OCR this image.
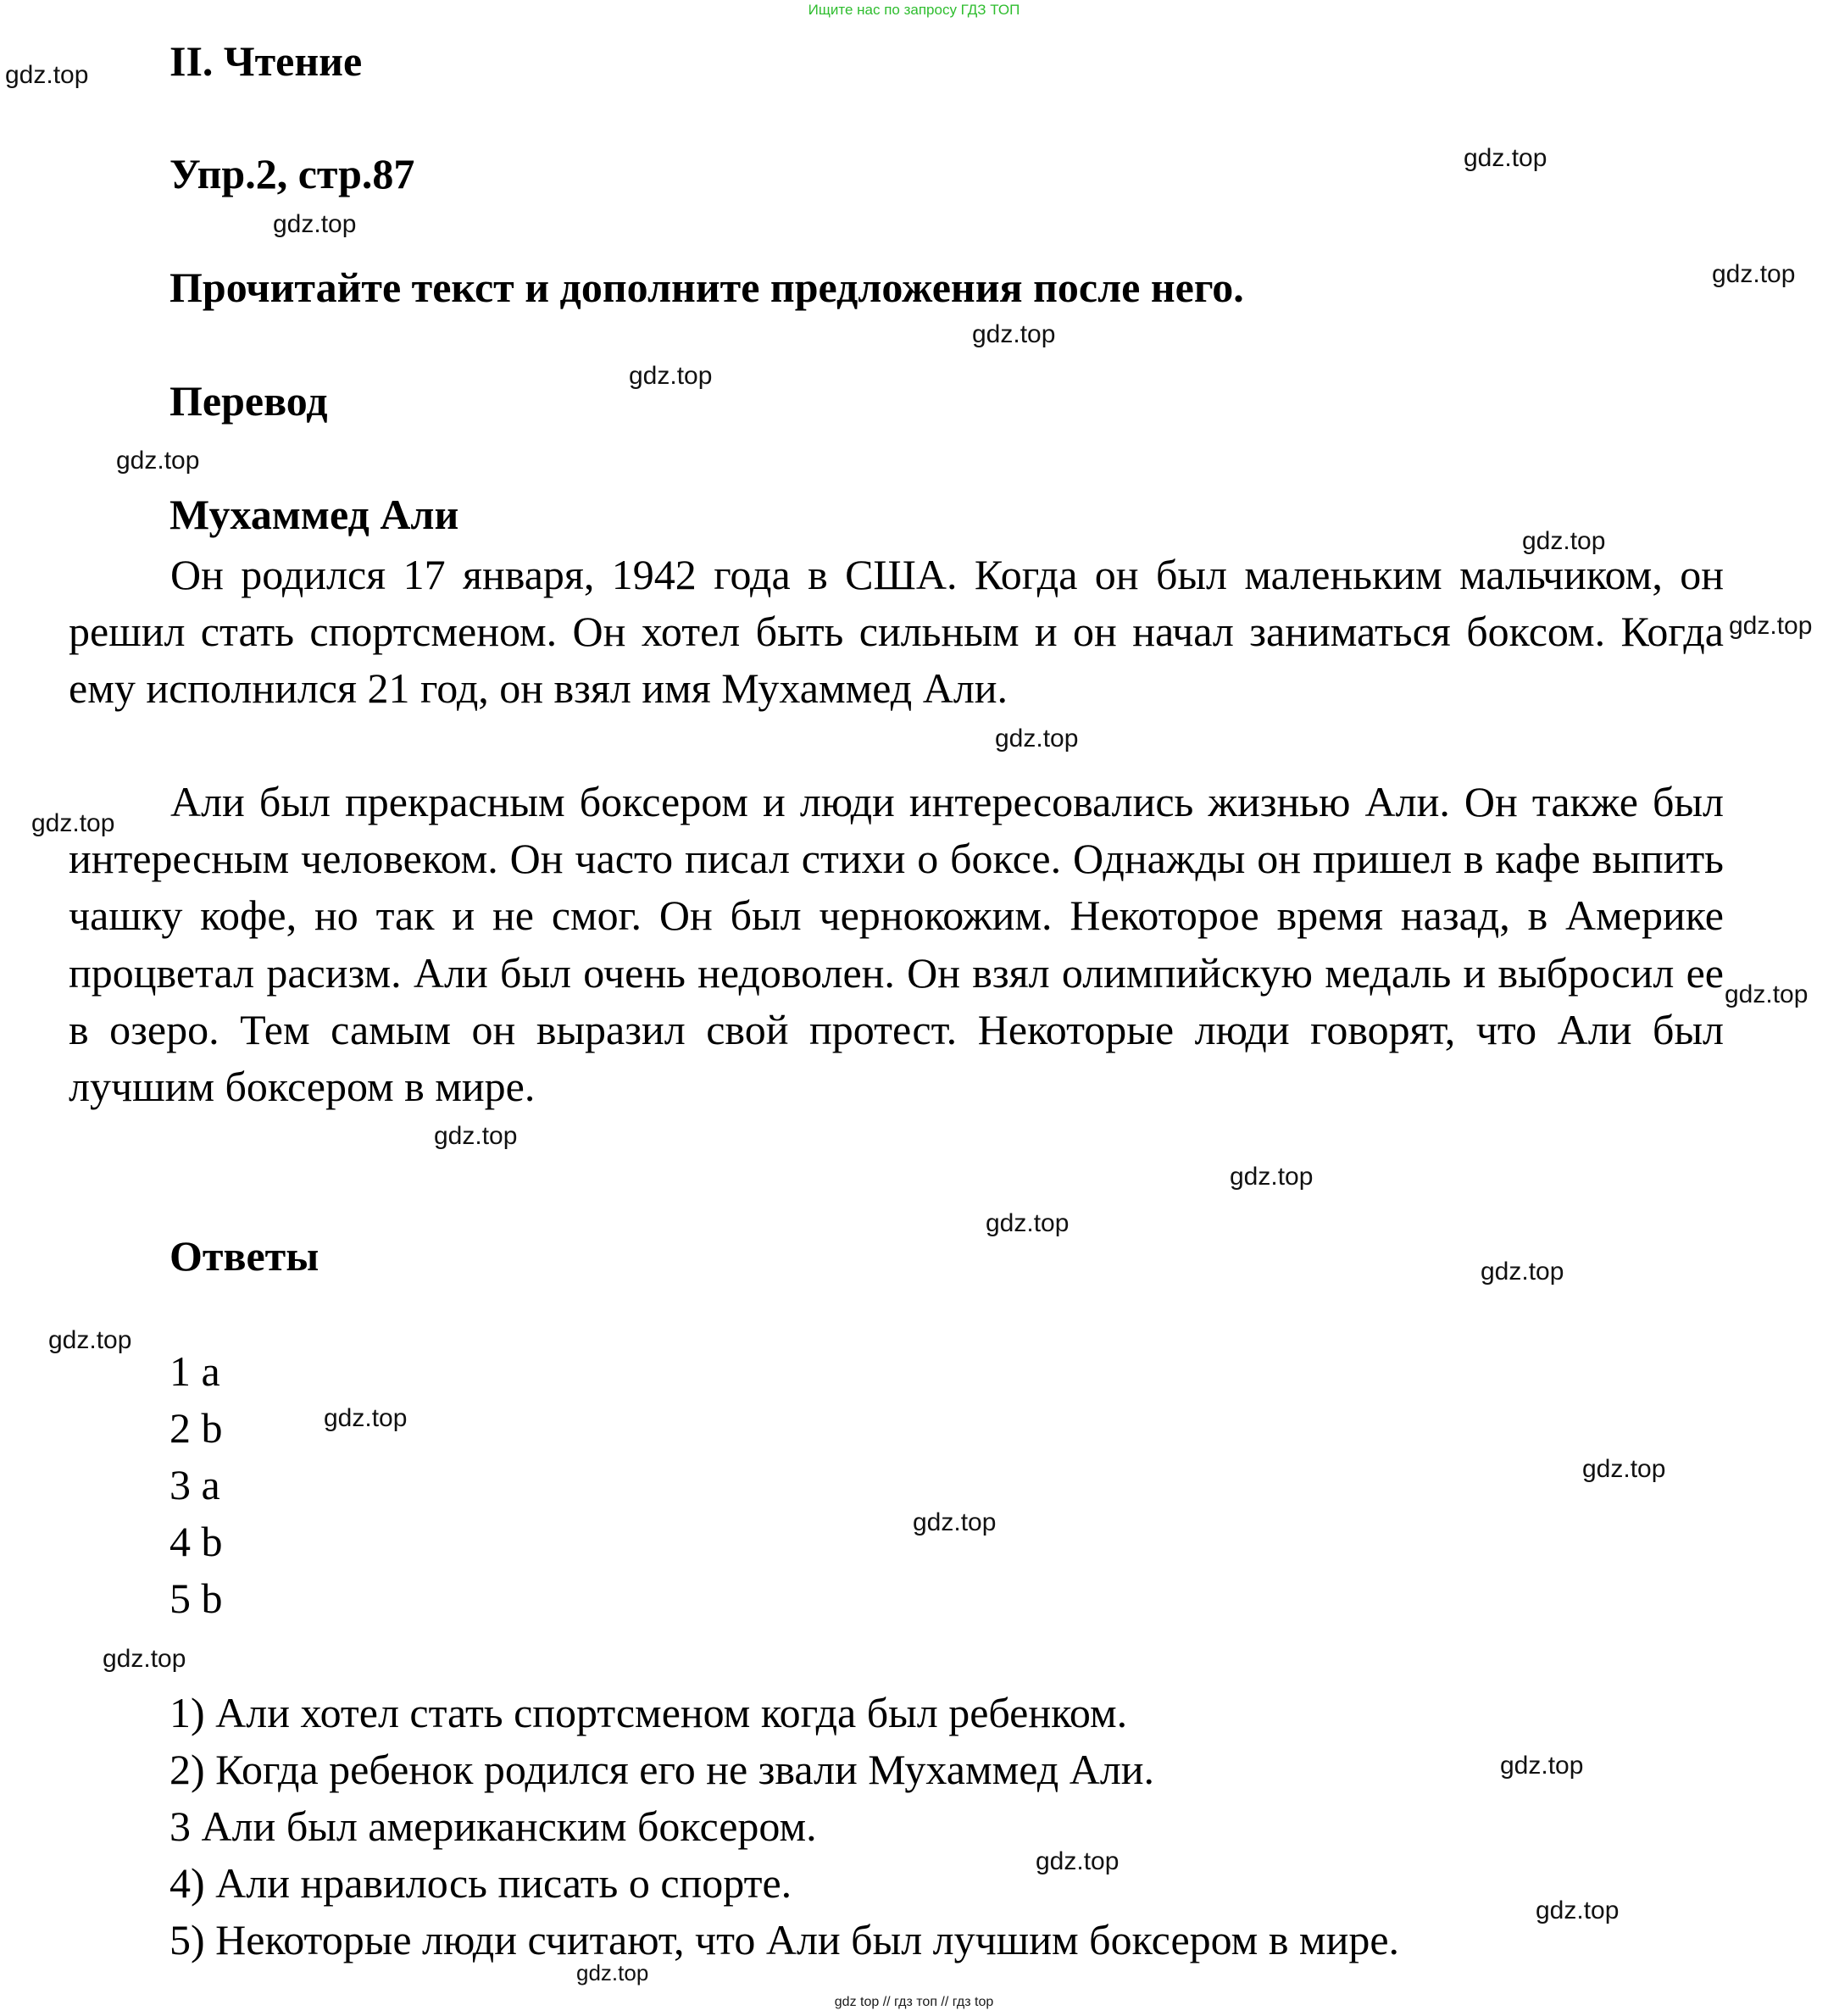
Ищите нас по запросу ГДЗ ТОП
II. Чтение
Упр.2, стр.87
Прочитайте текст и дополните предложения после него.
Перевод
Мухаммед Али
Он родился 17 января, 1942 года в США. Когда он был маленьким мальчиком, он решил стать спортсменом. Он хотел быть сильным и он начал заниматься боксом. Когда ему исполнился 21 год, он взял имя Мухаммед Али.
Али был прекрасным боксером и люди интересовались жизнью Али. Он также был интересным человеком. Он часто писал стихи о боксе. Однажды он пришел в кафе выпить чашку кофе, но так и не смог. Он был чернокожим. Некоторое время назад, в Америке процветал расизм. Али был очень недоволен. Он взял олимпийскую медаль и выбросил ее в озеро. Тем самым он выразил свой протест. Некоторые люди говорят, что Али был лучшим боксером в мире.
Ответы
1 a
2 b
3 a
4 b
5 b
1) Али хотел стать спортсменом когда был ребенком.
2) Когда ребенок родился его не звали Мухаммед Али.
3 Али был американским боксером.
4) Али нравилось писать о спорте.
5) Некоторые люди считают, что Али был лучшим боксером в мире.
gdz.top
gdz.top
gdz.top
gdz.top
gdz.top
gdz.top
gdz.top
gdz.top
gdz.top
gdz.top
gdz.top
gdz.top
gdz.top
gdz.top
gdz.top
gdz.top
gdz.top
gdz.top
gdz.top
gdz.top
gdz.top
gdz.top
gdz.top
gdz.top
gdz.top
gdz top // гдз топ // гдз top
